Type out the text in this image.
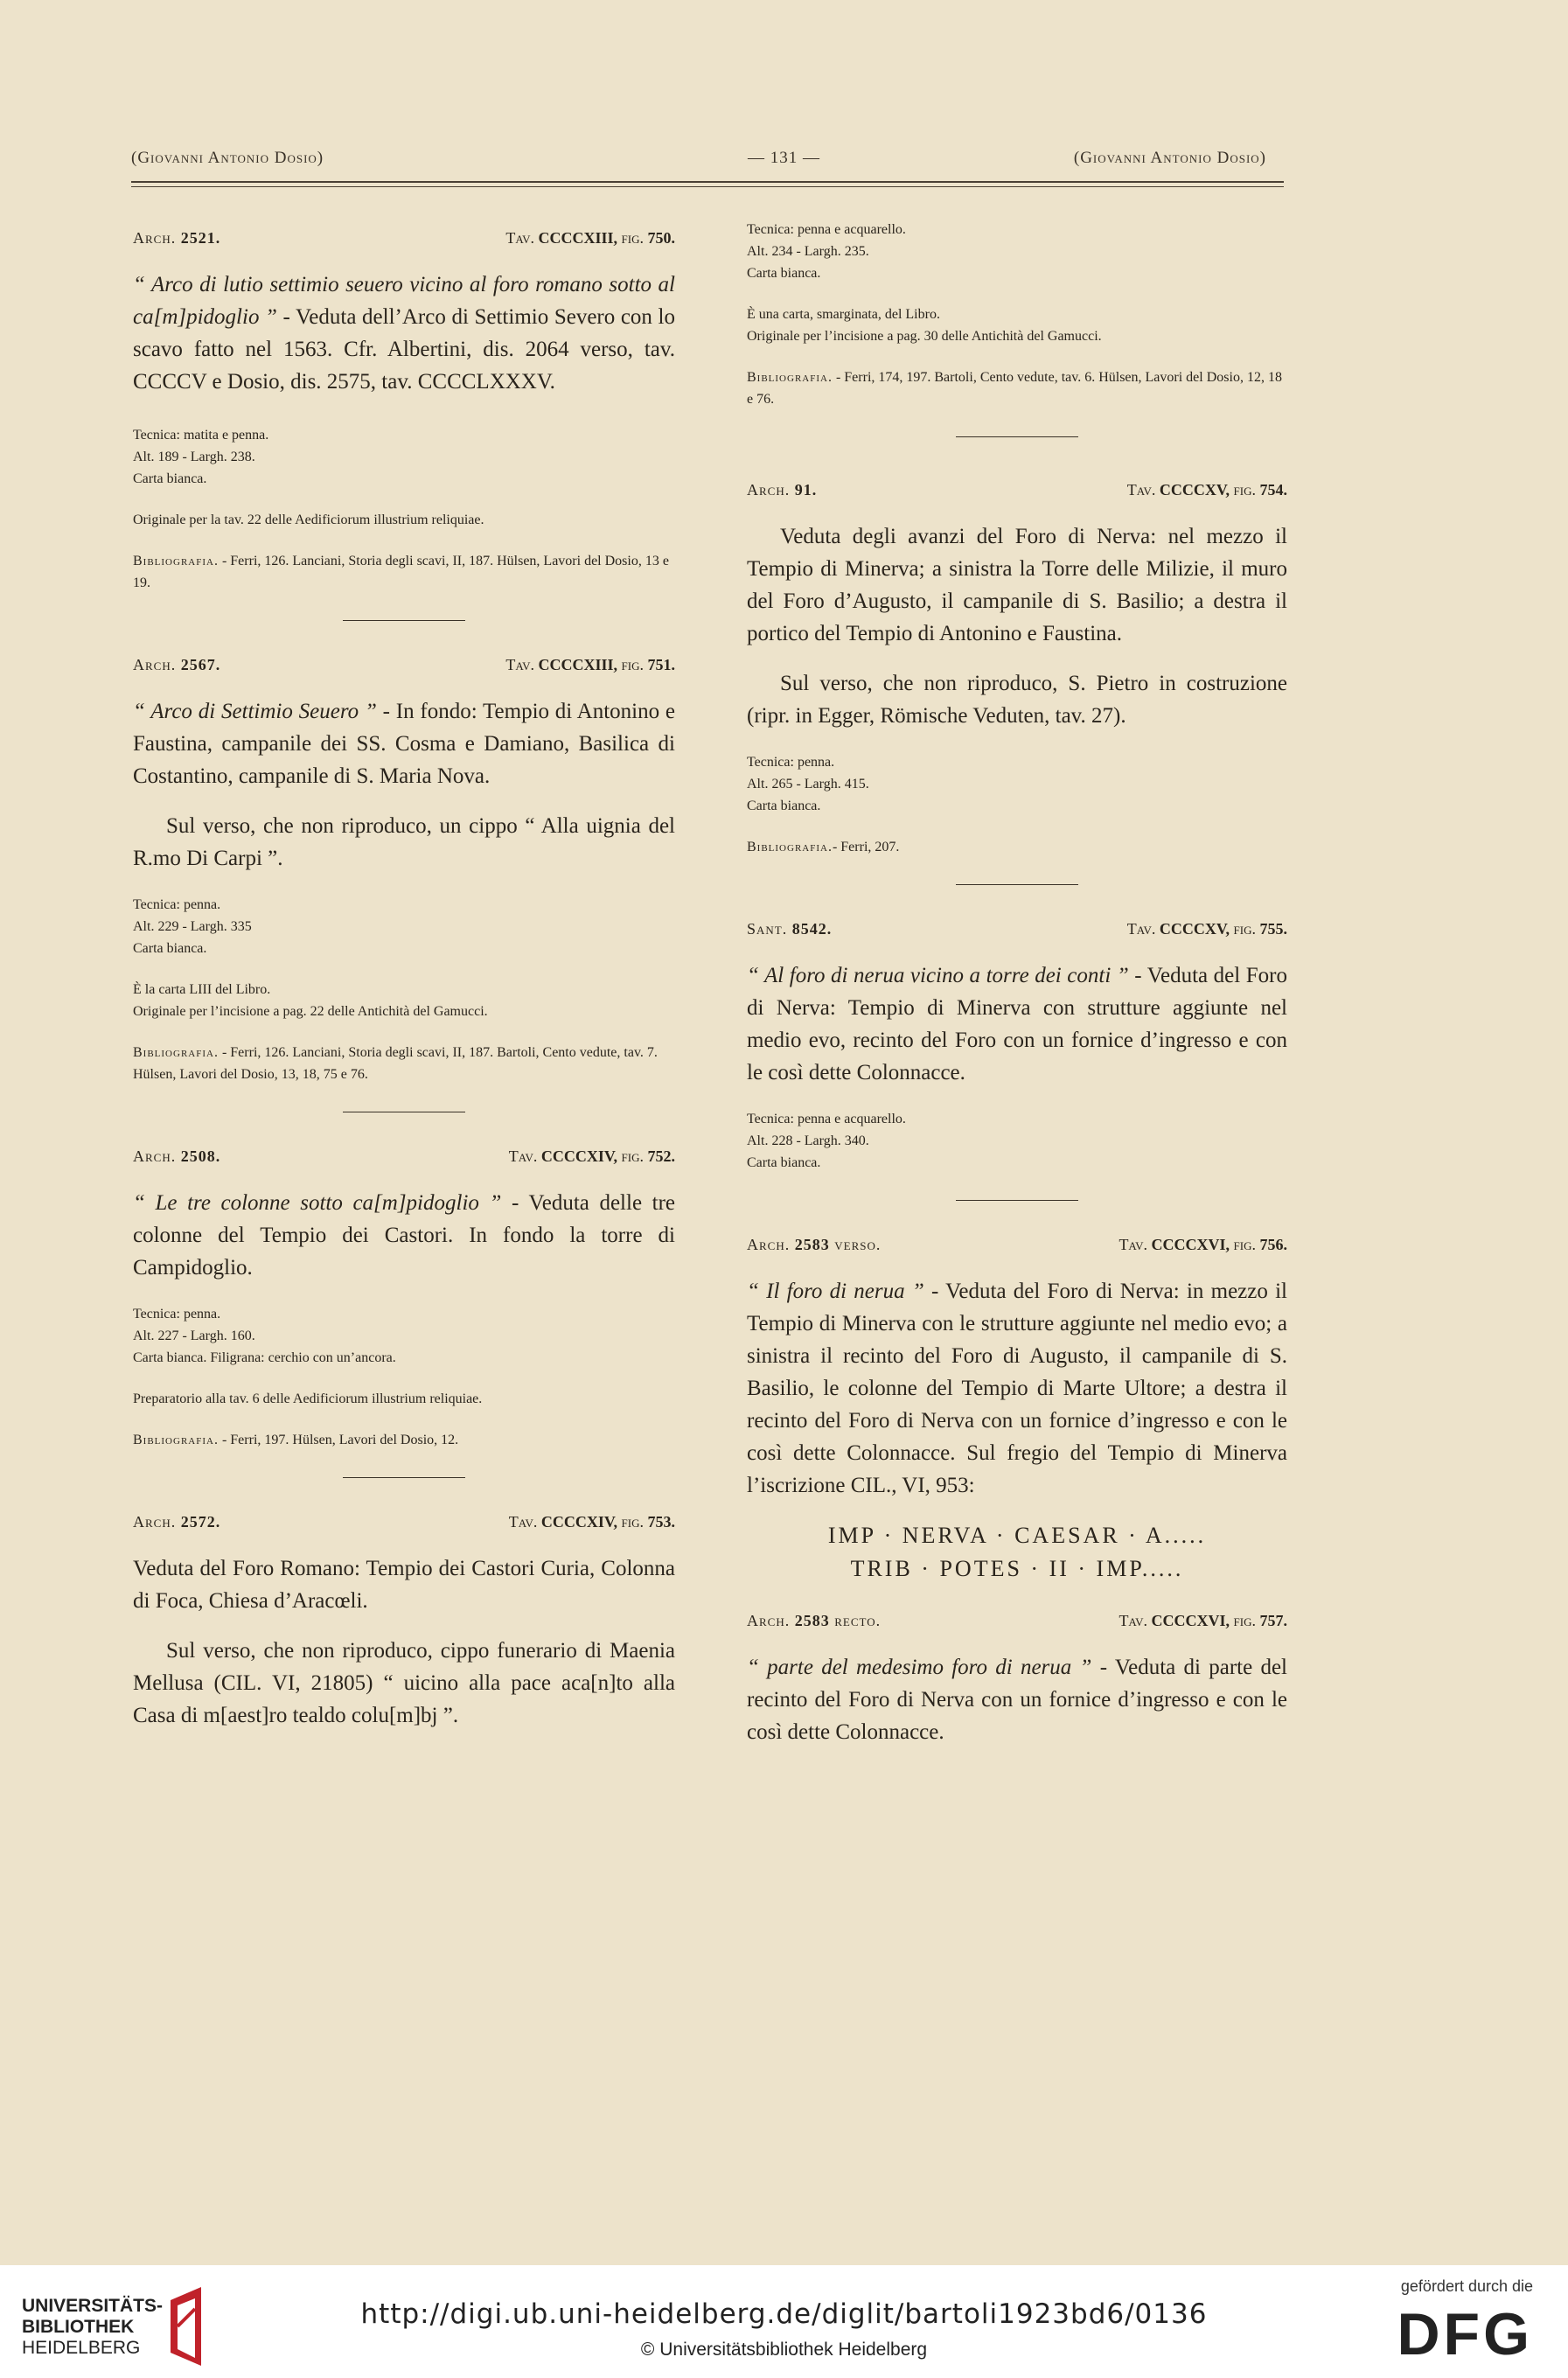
(Giovanni Antonio Dosio)	— 131 —	(Giovanni Antonio Dosio)
Arch. 2521.	Tav. CCCCXIII, fig. 750.

“ Arco di lutio settimio seuero vicino al foro romano sotto al ca[m]pidoglio ” - Veduta dell’Arco di Settimio Severo con lo scavo fatto nel 1563. Cfr. Albertini, dis. 2064 verso, tav. CCCCV e Dosio, dis. 2575, tav. CCCCLXXXV.

Tecnica: matita e penna.

Alt. 189 - Largh. 238.

Carta bianca.

Originale per la tav. 22 delle Aedificiorum illustrium reliquiae.

Bibliografia. - Ferri, 126. Lanciani, Storia degli scavi, II, 187. Hülsen, Lavori del Dosio, 13 e 19.

Arch. 2567.	Tav. CCCCXIII, fig. 751.

“ Arco di Settimio Seuero ” - In fondo: Tempio di Antonino e Faustina, campanile dei SS. Cosma e Damiano, Basilica di Costantino, campanile di S. Maria Nova.

Sul verso, che non riproduco, un cippo “ Alla uignia del R.mo Di Carpi ”.

Tecnica: penna.

Alt. 229 - Largh. 335

Carta bianca.

È la carta LIII del Libro.

Originale per l’incisione a pag. 22 delle Antichità del Gamucci.

Bibliografia. - Ferri, 126. Lanciani, Storia degli scavi, II, 187. Bartoli, Cento vedute, tav. 7. Hülsen, Lavori del Dosio, 13, 18, 75 e 76.

Arch. 2508.	Tav. CCCCXIV, fig. 752.

“ Le tre colonne sotto ca[m]pidoglio ” - Veduta delle tre colonne del Tempio dei Castori. In fondo la torre di Campidoglio.

Tecnica: penna.

Alt. 227 - Largh. 160.

Carta bianca. Filigrana: cerchio con un’ancora.

Preparatorio alla tav. 6 delle Aedificiorum illustrium reliquiae.

Bibliografia. - Ferri, 197. Hülsen, Lavori del Dosio, 12.

Arch. 2572.	Tav. CCCCXIV, fig. 753.

Veduta del Foro Romano: Tempio dei Castori Curia, Colonna di Foca, Chiesa d’Aracœli.

Sul verso, che non riproduco, cippo funerario di Maenia Mellusa (CIL. VI, 21805) “ uicino alla pace aca[n]to alla Casa di m[aest]ro tealdo colu[m]bj ”.

Tecnica: penna e acquarello.

Alt. 234 - Largh. 235.

Carta bianca.

È una carta, smarginata, del Libro.

Originale per l’incisione a pag. 30 delle Antichità del Gamucci.

Bibliografia. - Ferri, 174, 197. Bartoli, Cento vedute, tav. 6. Hülsen, Lavori del Dosio, 12, 18 e 76.

Arch. 91.	Tav. CCCCXV, fig. 754.

Veduta degli avanzi del Foro di Nerva: nel mezzo il Tempio di Minerva; a sinistra la Torre delle Milizie, il muro del Foro d’Augusto, il campanile di S. Basilio; a destra il portico del Tempio di Antonino e Faustina.

Sul verso, che non riproduco, S. Pietro in costruzione (ripr. in Egger, Römische Veduten, tav. 27).

Tecnica: penna.

Alt. 265 - Largh. 415.

Carta bianca.

Bibliografia.- Ferri, 207.

Sant. 8542.	Tav. CCCCXV, fig. 755.

“ Al foro di nerua vicino a torre dei conti ” - Veduta del Foro di Nerva: Tempio di Minerva con strutture aggiunte nel medio evo, recinto del Foro con un fornice d’ingresso e con le così dette Colonnacce.

Tecnica: penna e acquarello.

Alt. 228 - Largh. 340.

Carta bianca.

Arch. 2583 verso.	Tav. CCCCXVI, fig. 756.

“ Il foro di nerua ” - Veduta del Foro di Nerva: in mezzo il Tempio di Minerva con le strutture aggiunte nel medio evo; a sinistra il recinto del Foro di Augusto, il campanile di S. Basilio, le colonne del Tempio di Marte Ultore; a destra il recinto del Foro di Nerva con un fornice d’ingresso e con le così dette Colonnacce. Sul fregio del Tempio di Minerva l’iscrizione CIL., VI, 953:

IMP · NERVA · CAESAR · A.....
TRIB · POTES · II · IMP.....
Arch. 2583 recto.	Tav. CCCCXVI, fig. 757.

“ parte del medesimo foro di nerua ” - Veduta di parte del recinto del Foro di Nerva con un fornice d’ingresso e con le così dette Colonnacce.

UNIVERSITÄTS-
BIBLIOTHEK
HEIDELBERG
http://digi.ub.uni-heidelberg.de/diglit/bartoli1923bd6/0136
© Universitätsbibliothek Heidelberg
gefördert durch die
DFG
